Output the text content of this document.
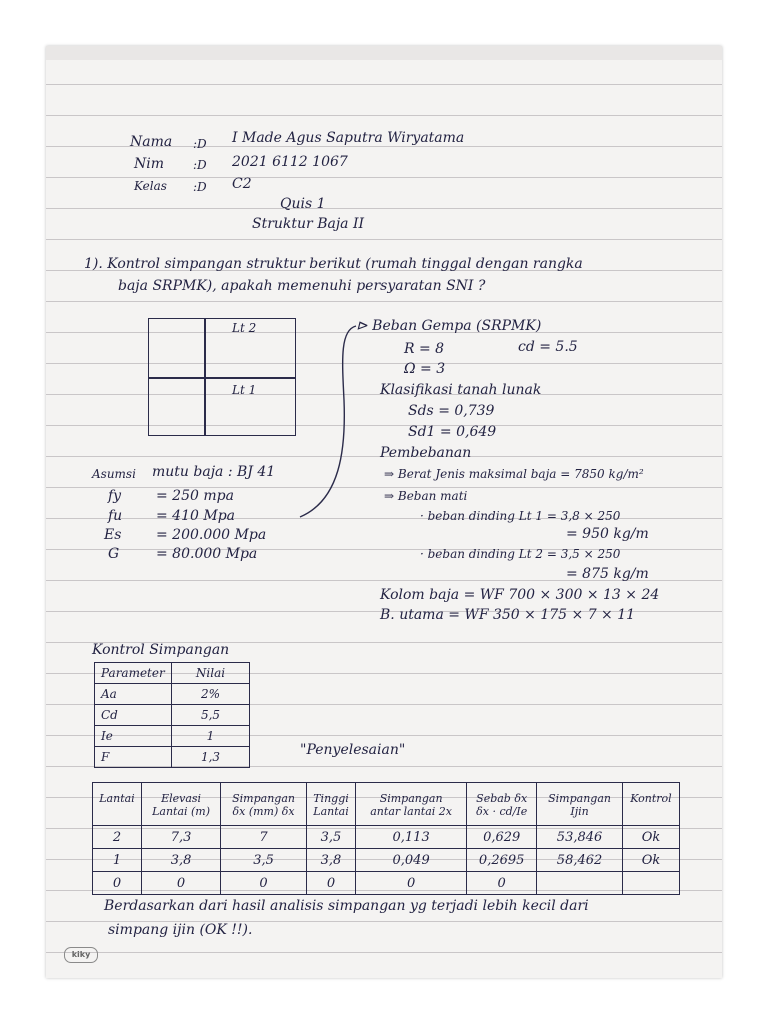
Nama :D I Made Agus Saputra Wiryatama
Nim :D 2021 6112 1067
Kelas :D C2
Quis 1
Struktur Baja II
1). Kontrol simpangan struktur berikut (rumah tinggal dengan rangka
baja SRPMK), apakah memenuhi persyaratan SNI ?
Lt 2
Lt 1
⊳ Beban Gempa (SRPMK)
R = 8	cd = 5.5
Ω = 3
Klasifikasi tanah lunak
Sds = 0,739
Sd1 = 0,649
Pembebanan
⇒ Berat Jenis maksimal baja = 7850 kg/m²
⇒ Beban mati
· beban dinding Lt 1 = 3,8 × 250
= 950 kg/m
· beban dinding Lt 2 = 3,5 × 250
= 875 kg/m
Kolom baja = WF 700 × 300 × 13 × 24
B. utama = WF 350 × 175 × 7 × 11
Asumsi mutu baja : BJ 41
fy = 250 mpa
fu = 410 Mpa
Es = 200.000 Mpa
G	= 80.000 Mpa
Kontrol Simpangan
Parameter	Nilai
Aa	2%
Cd	5,5
Ie	1
F	1,3	"Penyelesaian"
Lantai	Elevasi	Simpangan	Tinggi	Simpangan	Sebab δx	Simpangan	Kontrol
	Lantai (m)	δx (mm) δx	Lantai	antar lantai 2x	δx · cd/Ie	Ijin	
2	7,3	7	3,5	0,113	0,629	53,846	Ok
1	3,8	3,5	3,8	0,049	0,2695	58,462	Ok
0	0	0	0	0	0		
Berdasarkan dari hasil analisis simpangan yg terjadi lebih kecil dari
simpang ijin (OK !!).
kiky
